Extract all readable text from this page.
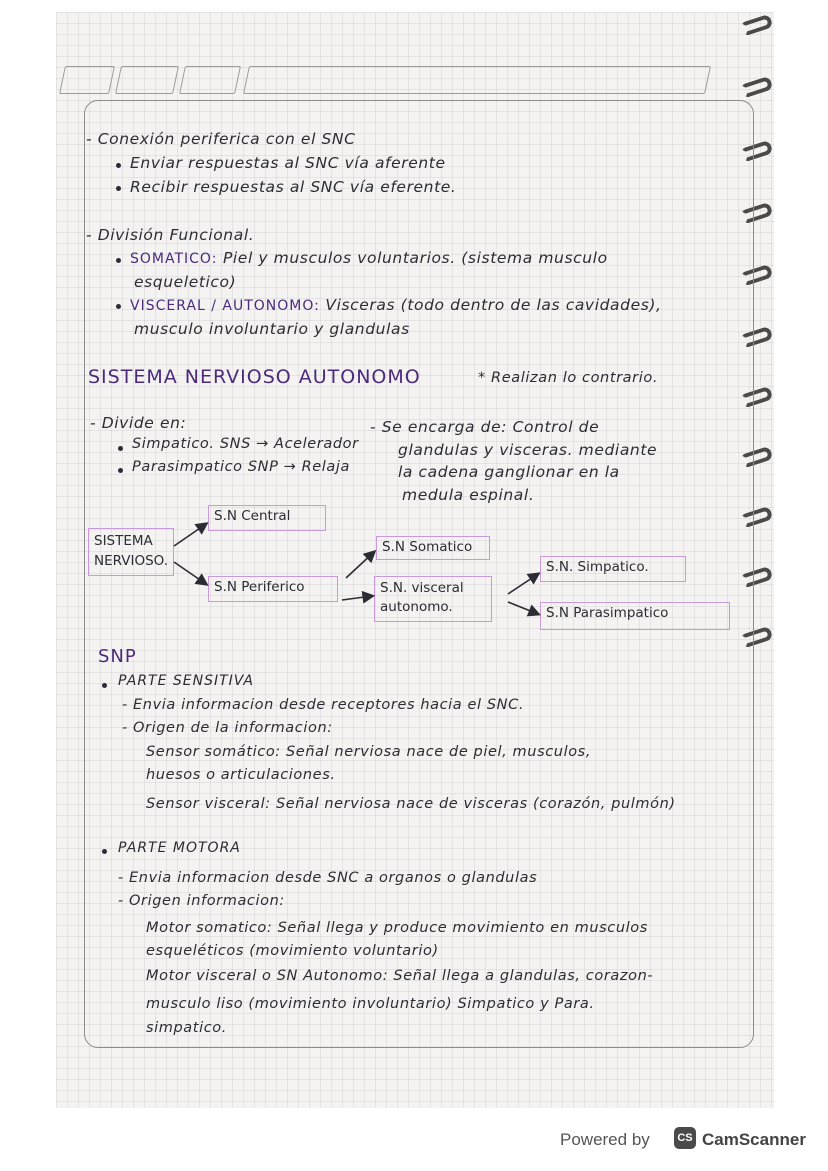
- Conexión periferica con el SNC
Enviar respuestas al SNC vía aferente
Recibir respuestas al SNC vía eferente.
- División Funcional.
SOMATICO: Piel y musculos voluntarios. (sistema musculo
esqueletico)
VISCERAL / AUTONOMO: Visceras (todo dentro de las cavidades),
musculo involuntario y glandulas
SISTEMA NERVIOSO AUTONOMO	* Realizan lo contrario.
- Divide en:
Simpatico. SNS → Acelerador
Parasimpatico SNP → Relaja
- Se encarga de: Control de
glandulas y visceras. mediante
la cadena ganglionar en la
medula espinal.
SISTEMA NERVIOSO.
S.N Central
S.N Periferico
S.N Somatico
S.N. visceral autonomo.
S.N. Simpatico.
S.N Parasimpatico
SNP
PARTE SENSITIVA
- Envia informacion desde receptores hacia el SNC.
- Origen de la informacion:
Sensor somático: Señal nerviosa nace de piel, musculos,
huesos o articulaciones.
Sensor visceral: Señal nerviosa nace de visceras (corazón, pulmón)
PARTE MOTORA
- Envia informacion desde SNC a organos o glandulas
- Origen informacion:
Motor somatico: Señal llega y produce movimiento en musculos
esqueléticos (movimiento voluntario)
Motor visceral o SN Autonomo: Señal llega a glandulas, corazon-
musculo liso (movimiento involuntario) Simpatico y Para.
simpatico.
Powered by	CS CamScanner
